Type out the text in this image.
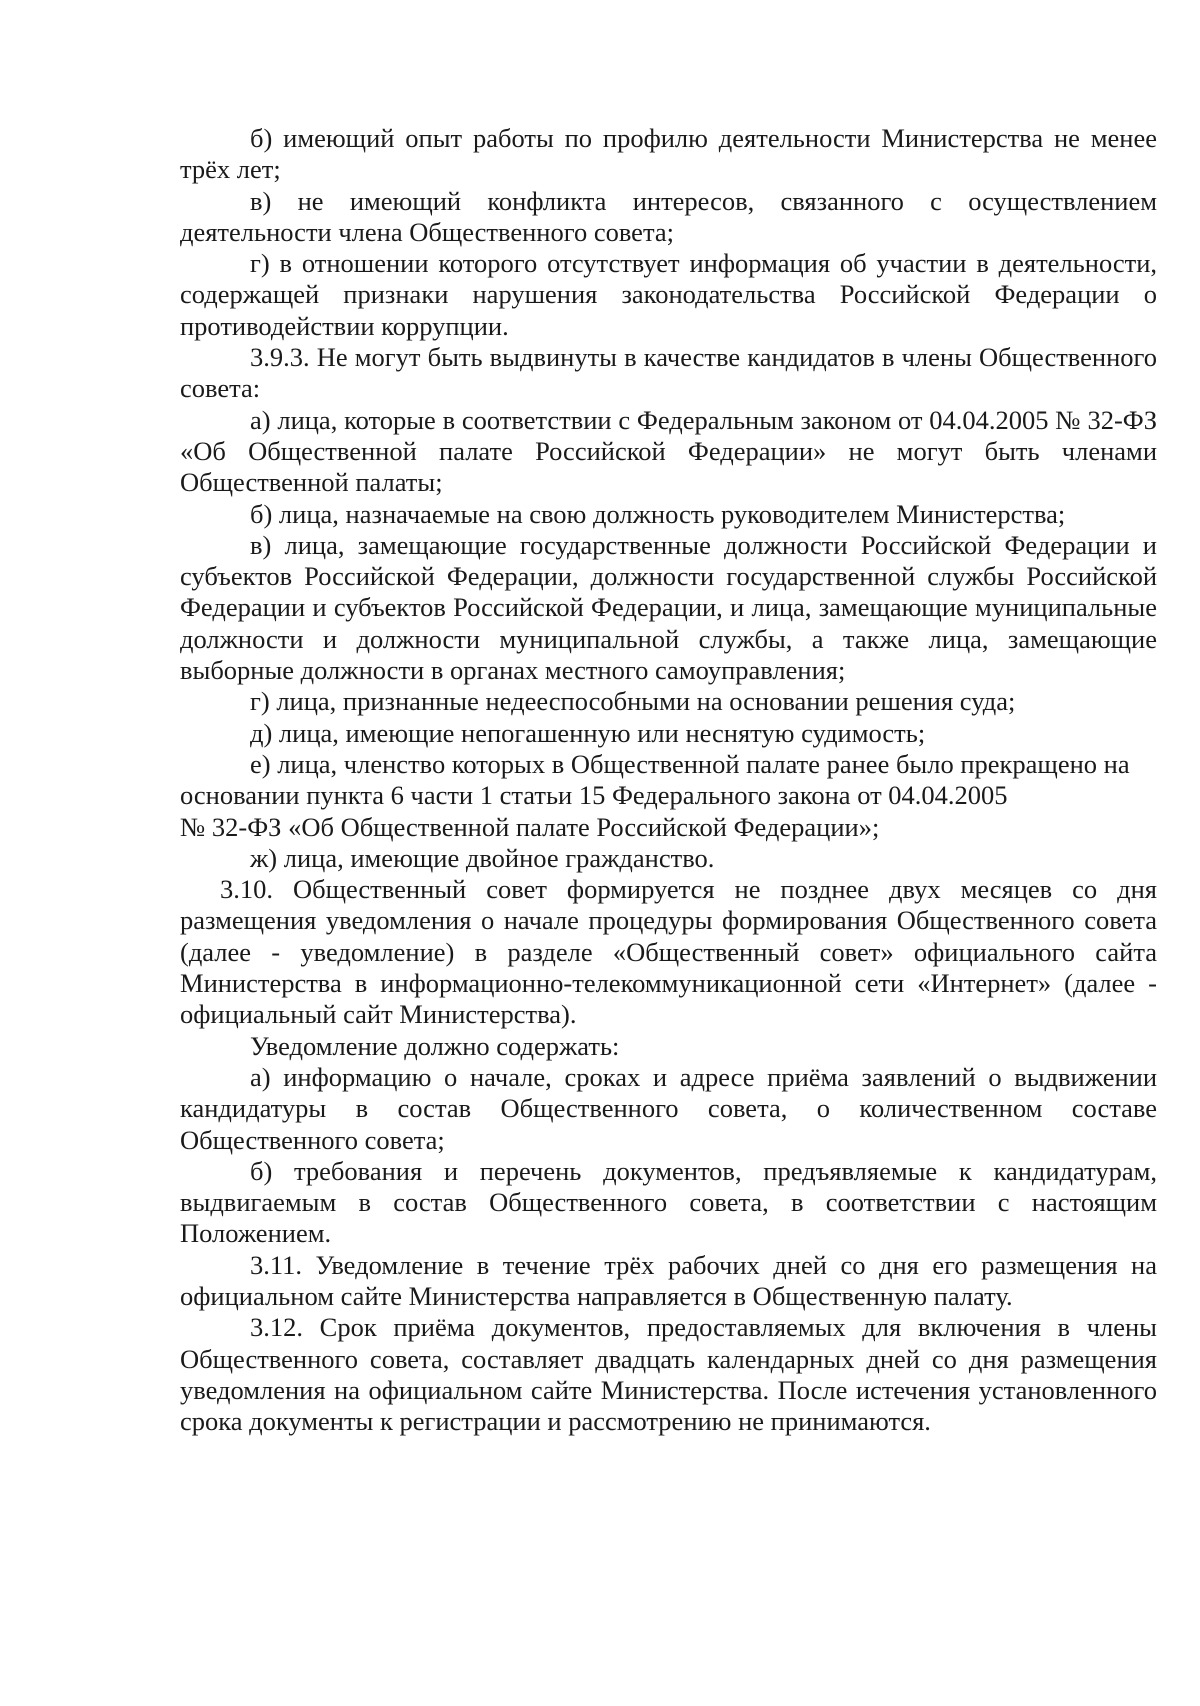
б) имеющий опыт работы по профилю деятельности Министерства не менее трёх лет;

в) не имеющий конфликта интересов, связанного с осуществлением деятельности члена Общественного совета;

г) в отношении которого отсутствует информация об участии в деятельности, содержащей признаки нарушения законодательства Российской Федерации о противодействии коррупции.

3.9.3. Не могут быть выдвинуты в качестве кандидатов в члены Общественного совета:

а) лица, которые в соответствии с Федеральным законом от 04.04.2005 № 32-ФЗ «Об Общественной палате Российской Федерации» не могут быть членами Общественной палаты;

б) лица, назначаемые на свою должность руководителем Министерства;

в) лица, замещающие государственные должности Российской Федерации и субъектов Российской Федерации, должности государственной службы Российской Федерации и субъектов Российской Федерации, и лица, замещающие муниципальные должности и должности муниципальной службы, а также лица, замещающие выборные должности в органах местного самоуправления;

г) лица, признанные недееспособными на основании решения суда;

д) лица, имеющие непогашенную или неснятую судимость;

е) лица, членство которых в Общественной палате ранее было прекращено на основании пункта 6 части 1 статьи 15 Федерального закона от 04.04.2005

№ 32-ФЗ «Об Общественной палате Российской Федерации»;

ж) лица, имеющие двойное гражданство.

3.10. Общественный совет формируется не позднее двух месяцев со дня размещения уведомления о начале процедуры формирования Общественного совета (далее - уведомление) в разделе «Общественный совет» официального сайта Министерства в информационно-телекоммуникационной сети «Интернет» (далее - официальный сайт Министерства).

Уведомление должно содержать:

а) информацию о начале, сроках и адресе приёма заявлений о выдвижении кандидатуры в состав Общественного совета, о количественном составе Общественного совета;

б) требования и перечень документов, предъявляемые к кандидатурам, выдвигаемым в состав Общественного совета, в соответствии с настоящим Положением.

3.11. Уведомление в течение трёх рабочих дней со дня его размещения на официальном сайте Министерства направляется в Общественную палату.

3.12. Срок приёма документов, предоставляемых для включения в члены Общественного совета, составляет двадцать календарных дней со дня размещения уведомления на официальном сайте Министерства. После истечения установленного срока документы к регистрации и рассмотрению не принимаются.
